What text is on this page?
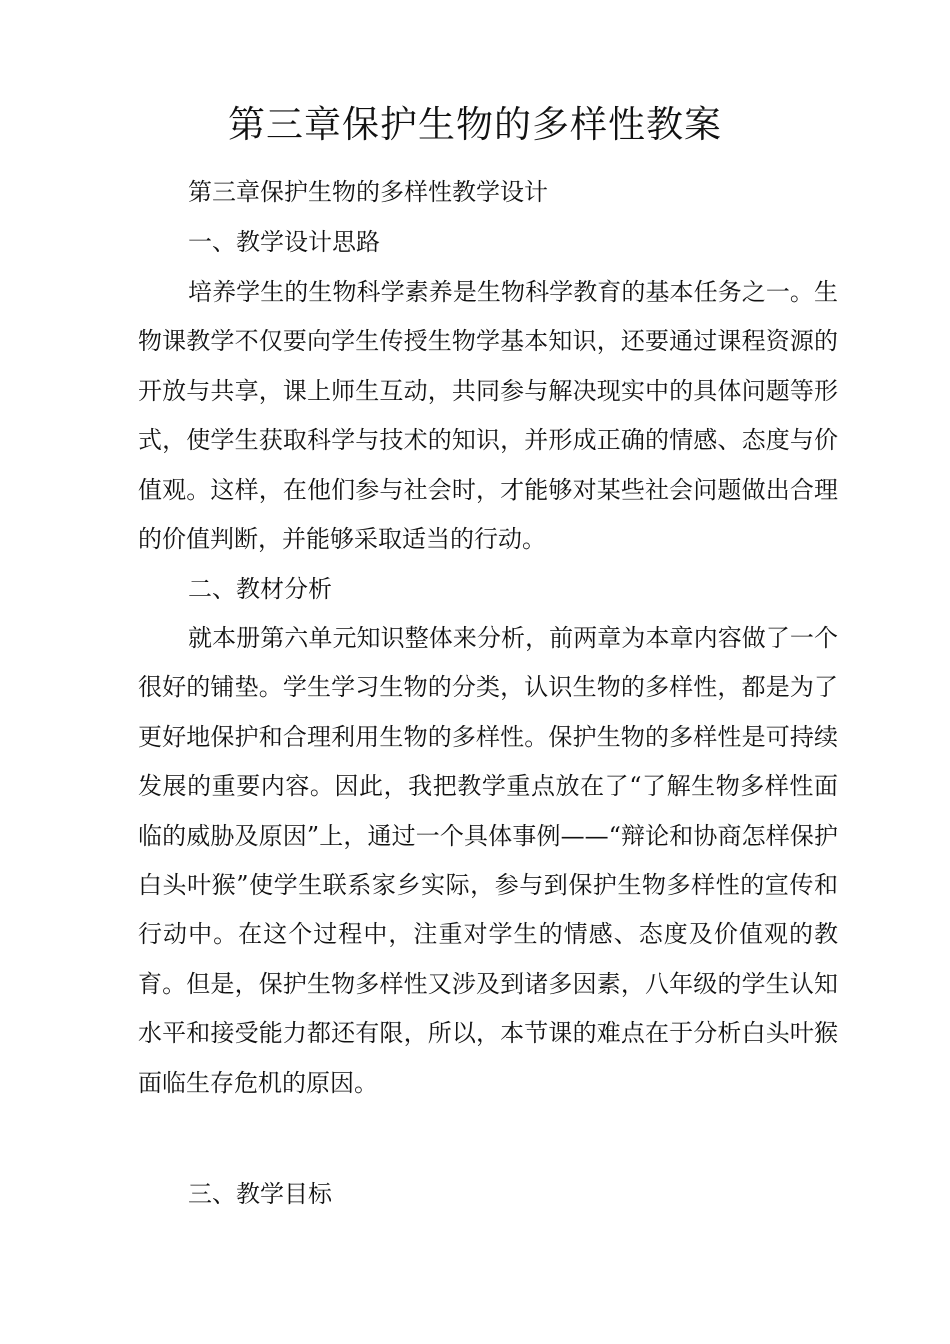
第三章保护生物的多样性教案

第三章保护生物的多样性教学设计

一、教学设计思路

培养学生的生物科学素养是生物科学教育的基本任务之一。生物课教学不仅要向学生传授生物学基本知识，还要通过课程资源的开放与共享，课上师生互动，共同参与解决现实中的具体问题等形式，使学生获取科学与技术的知识，并形成正确的情感、态度与价值观。这样，在他们参与社会时，才能够对某些社会问题做出合理的价值判断，并能够采取适当的行动。

二、教材分析

就本册第六单元知识整体来分析，前两章为本章内容做了一个很好的铺垫。学生学习生物的分类，认识生物的多样性，都是为了更好地保护和合理利用生物的多样性。保护生物的多样性是可持续发展的重要内容。因此，我把教学重点放在了“了解生物多样性面临的威胁及原因”上，通过一个具体事例——“辩论和协商怎样保护白头叶猴”使学生联系家乡实际，参与到保护生物多样性的宣传和行动中。在这个过程中，注重对学生的情感、态度及价值观的教育。但是，保护生物多样性又涉及到诸多因素，八年级的学生认知水平和接受能力都还有限，所以，本节课的难点在于分析白头叶猴面临生存危机的原因。

三、教学目标
